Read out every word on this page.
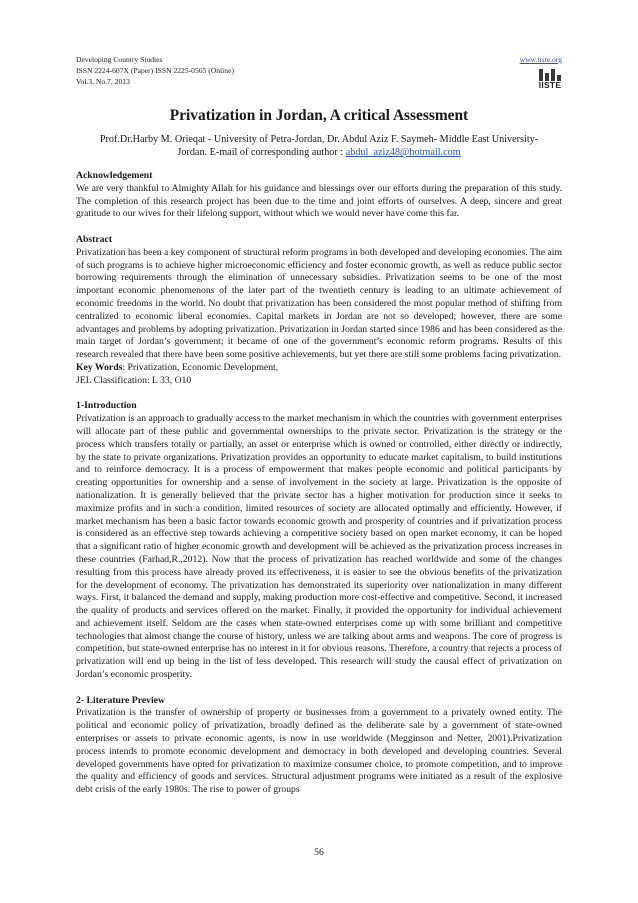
Developing Country Studies
ISSN 2224-607X (Paper) ISSN 2225-0565 (Online)
Vol.3, No.7, 2013
www.iiste.org
IISTE
Privatization in Jordan, A critical Assessment
Prof.Dr.Harby M. Orieqat - University of Petra-Jordan, Dr. Abdul Aziz F. Saymeh- Middle East University-
Jordan. E-mail of corresponding author : abdul_aziz48@hotmail.com
Acknowledgement

We are very thankful to Almighty Allah for his guidance and blessings over our efforts during the preparation of this study. The completion of this research project has been due to the time and joint efforts of ourselves. A deep, sincere and great gratitude to our wives for their lifelong support, without which we would never have come this far.

Abstract

Privatization has been a key component of structural reform programs in both developed and developing economies. The aim of such programs is to achieve higher microeconomic efficiency and foster economic growth, as well as reduce public sector borrowing requirements through the elimination of unnecessary subsidies. Privatization seems to be one of the most important economic phenomenons of the later part of the twentieth century is leading to an ultimate achievement of economic freedoms in the world. No doubt that privatization has been considered the most popular method of shifting from centralized to economic liberal economies. Capital markets in Jordan are not so developed; however, there are some advantages and problems by adopting privatization. Privatization in Jordan started since 1986 and has been considered as the main target of Jordan’s government; it became of one of the government’s economic reform programs. Results of this research revealed that there have been some positive achievements, but yet there are still some problems facing privatization.

Key Words: Privatization, Economic Development,

JEL Classification: L 33, O10

1-Introduction

Privatization is an approach to gradually access to the market mechanism in which the countries with government enterprises will allocate part of these public and governmental ownerships to the private sector. Privatization is the strategy or the process which transfers totally or partially, an asset or enterprise which is owned or controlled, either directly or indirectly, by the state to private organizations. Privatization provides an opportunity to educate market capitalism, to build institutions and to reinforce democracy. It is a process of empowerment that makes people economic and political participants by creating opportunities for ownership and a sense of involvement in the society at large. Privatization is the opposite of nationalization. It is generally believed that the private sector has a higher motivation for production since it seeks to maximize profits and in such a condition, limited resources of society are allocated optimally and efficiently. However, if market mechanism has been a basic factor towards economic growth and prosperity of countries and if privatization process is considered as an effective step towards achieving a competitive society based on open market economy, it can be hoped that a significant ratio of higher economic growth and development will be achieved as the privatization process increases in these countries (Farhad,R.,2012). Now that the process of privatization has reached worldwide and some of the changes resulting from this process have already proved its effectiveness, it is easier to see the obvious benefits of the privatization for the development of economy. The privatization has demonstrated its superiority over nationalization in many different ways. First, it balanced the demand and supply, making production more cost-effective and competitive. Second, it increased the quality of products and services offered on the market. Finally, it provided the opportunity for individual achievement and achievement itself. Seldom are the cases when state-owned enterprises come up with some brilliant and competitive technologies that almost change the course of history, unless we are talking about arms and weapons. The core of progress is competition, but state-owned enterprise has no interest in it for obvious reasons. Therefore, a country that rejects a process of privatization will end up being in the list of less developed. This research will study the causal effect of privatization on Jordan’s economic prosperity.

2- Literature Preview

Privatization is the transfer of ownership of property or businesses from a government to a privately owned entity. The political and economic policy of privatization, broadly defined as the deliberate sale by a government of state-owned enterprises or assets to private economic agents, is now in use worldwide (Megginson and Netter, 2001).Privatization process intends to promote economic development and democracy in both developed and developing countries. Several developed governments have opted for privatization to maximize consumer choice, to promote competition, and to improve the quality and efficiency of goods and services. Structural adjustment programs were initiated as a result of the explosive debt crisis of the early 1980s. The rise to power of groups

56
